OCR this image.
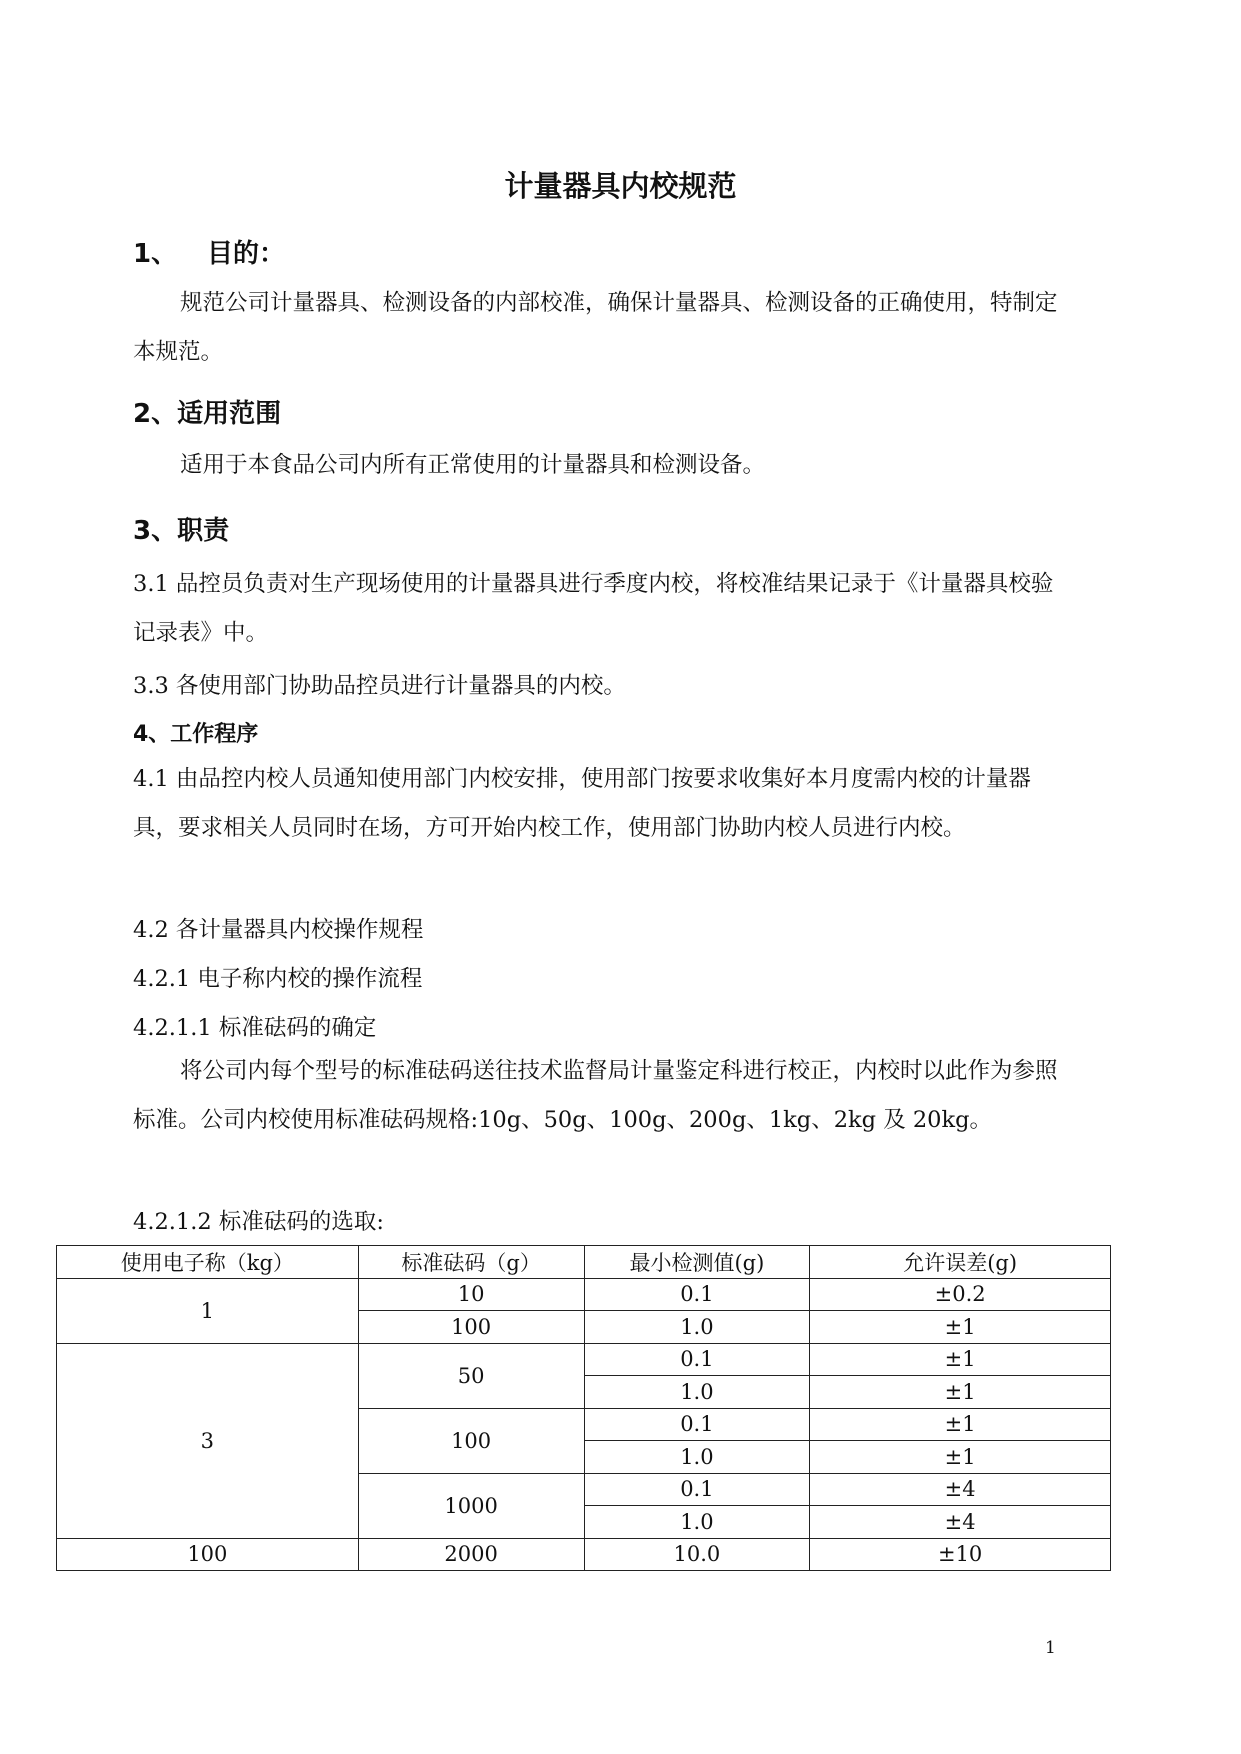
计量器具内校规范
1、 目的：
规范公司计量器具、检测设备的内部校准，确保计量器具、检测设备的正确使用，特制定本规范。
2、适用范围
适用于本食品公司内所有正常使用的计量器具和检测设备。
3、职责
3.1 品控员负责对生产现场使用的计量器具进行季度内校，将校准结果记录于《计量器具校验记录表》中。
3.3 各使用部门协助品控员进行计量器具的内校。
4、工作程序
4.1 由品控内校人员通知使用部门内校安排，使用部门按要求收集好本月度需内校的计量器具，要求相关人员同时在场，方可开始内校工作，使用部门协助内校人员进行内校。
4.2 各计量器具内校操作规程
4.2.1 电子称内校的操作流程
4.2.1.1 标准砝码的确定
将公司内每个型号的标准砝码送往技术监督局计量鉴定科进行校正，内校时以此作为参照标准。公司内校使用标准砝码规格:10g、50g、100g、200g、1kg、2kg 及 20kg。
4.2.1.2 标准砝码的选取:
使用电子称（kg）	标准砝码（g）	最小检测值(g)	允许误差(g)
1	10	0.1	±0.2
	100	1.0	±1
3	50	0.1	±1
		1.0	±1
	100	0.1	±1
		1.0	±1
	1000	0.1	±4
		1.0	±4
100	2000	10.0	±10
1
